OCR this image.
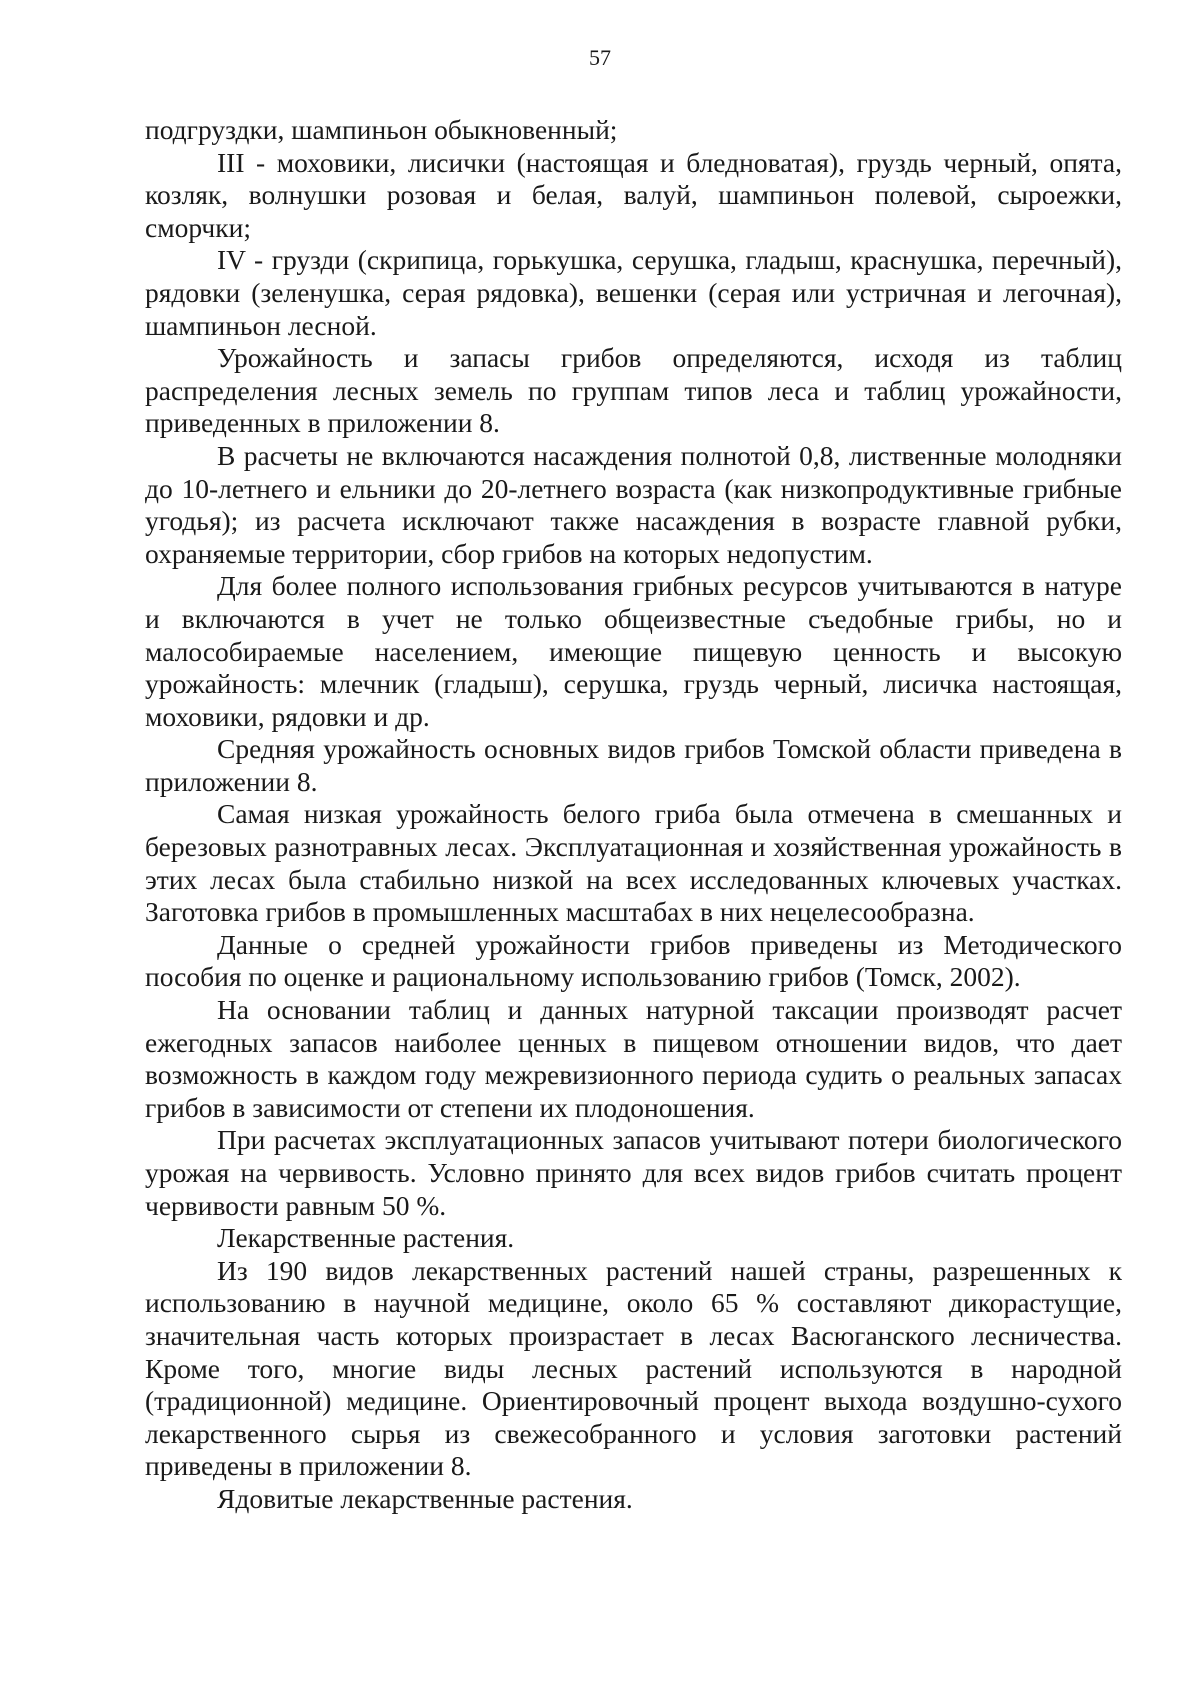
57

подгруздки, шампиньон обыкновенный;

III - моховики, лисички (настоящая и бледноватая), груздь черный, опята, козляк, волнушки розовая и белая, валуй, шампиньон полевой, сыроежки, сморчки;

IV - грузди (скрипица, горькушка, серушка, гладыш, краснушка, перечный), рядовки (зеленушка, серая рядовка), вешенки (серая или устричная и легочная), шампиньон лесной.

Урожайность и запасы грибов определяются, исходя из таблиц распределения лесных земель по группам типов леса и таблиц урожайности, приведенных в приложении 8.

В расчеты не включаются насаждения полнотой 0,8, лиственные молодняки до 10-летнего и ельники до 20-летнего возраста (как низкопродуктивные грибные угодья); из расчета исключают также насаждения в возрасте главной рубки, охраняемые территории, сбор грибов на которых недопустим.

Для более полного использования грибных ресурсов учитываются в натуре и включаются в учет не только общеизвестные съедобные грибы, но и малособираемые населением, имеющие пищевую ценность и высокую урожайность: млечник (гладыш), серушка, груздь черный, лисичка настоящая, моховики, рядовки и др.

Средняя урожайность основных видов грибов Томской области приведена в приложении 8.

Самая низкая урожайность белого гриба была отмечена в смешанных и березовых разнотравных лесах. Эксплуатационная и хозяйственная урожайность в этих лесах была стабильно низкой на всех исследованных ключевых участках. Заготовка грибов в промышленных масштабах в них нецелесообразна.

Данные о средней урожайности грибов приведены из Методического пособия по оценке и рациональному использованию грибов (Томск, 2002).

На основании таблиц и данных натурной таксации производят расчет ежегодных запасов наиболее ценных в пищевом отношении видов, что дает возможность в каждом году межревизионного периода судить о реальных запасах грибов в зависимости от степени их плодоношения.

При расчетах эксплуатационных запасов учитывают потери биологического урожая на червивость. Условно принято для всех видов грибов считать процент червивости равным 50 %.

Лекарственные растения.

Из 190 видов лекарственных растений нашей страны, разрешенных к использованию в научной медицине, около 65 % составляют дикорастущие, значительная часть которых произрастает в лесах Васюганского лесничества. Кроме того, многие виды лесных растений используются в народной (традиционной) медицине. Ориентировочный процент выхода воздушно-сухого лекарственного сырья из свежесобранного и условия заготовки растений приведены в приложении 8.

Ядовитые лекарственные растения.
